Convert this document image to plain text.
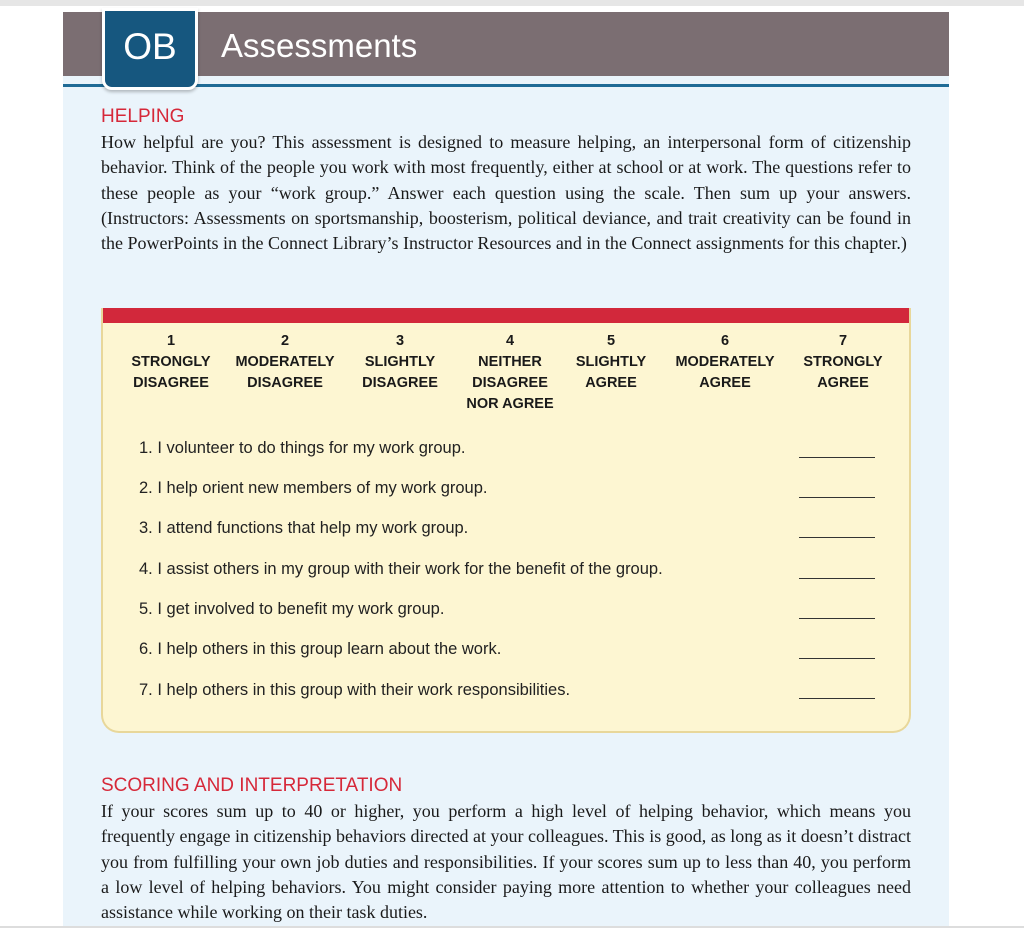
Assessments
OB
HELPING
How helpful are you? This assessment is designed to measure helping, an interpersonal form of citizenship behavior. Think of the people you work with most frequently, either at school or at work. The questions refer to these people as your “work group.” Answer each question using the scale. Then sum up your answers. (Instructors: Assessments on sportsmanship, boosterism, political deviance, and trait creativity can be found in the PowerPoints in the Connect Library’s Instructor Resources and in the Connect assignments for this chapter.)
1
STRONGLY
DISAGREE
2
MODERATELY
DISAGREE
3
SLIGHTLY
DISAGREE
4
NEITHER
DISAGREE
NOR AGREE
5
SLIGHTLY
AGREE
6
MODERATELY
AGREE
7
STRONGLY
AGREE
1. I volunteer to do things for my work group.
2. I help orient new members of my work group.
3. I attend functions that help my work group.
4. I assist others in my group with their work for the benefit of the group.
5. I get involved to benefit my work group.
6. I help others in this group learn about the work.
7. I help others in this group with their work responsibilities.
SCORING AND INTERPRETATION
If your scores sum up to 40 or higher, you perform a high level of helping behavior, which means you frequently engage in citizenship behaviors directed at your colleagues. This is good, as long as it doesn’t distract you from fulfilling your own job duties and responsibilities. If your scores sum up to less than 40, you perform a low level of helping behaviors. You might consider paying more attention to whether your colleagues need assistance while working on their task duties.
